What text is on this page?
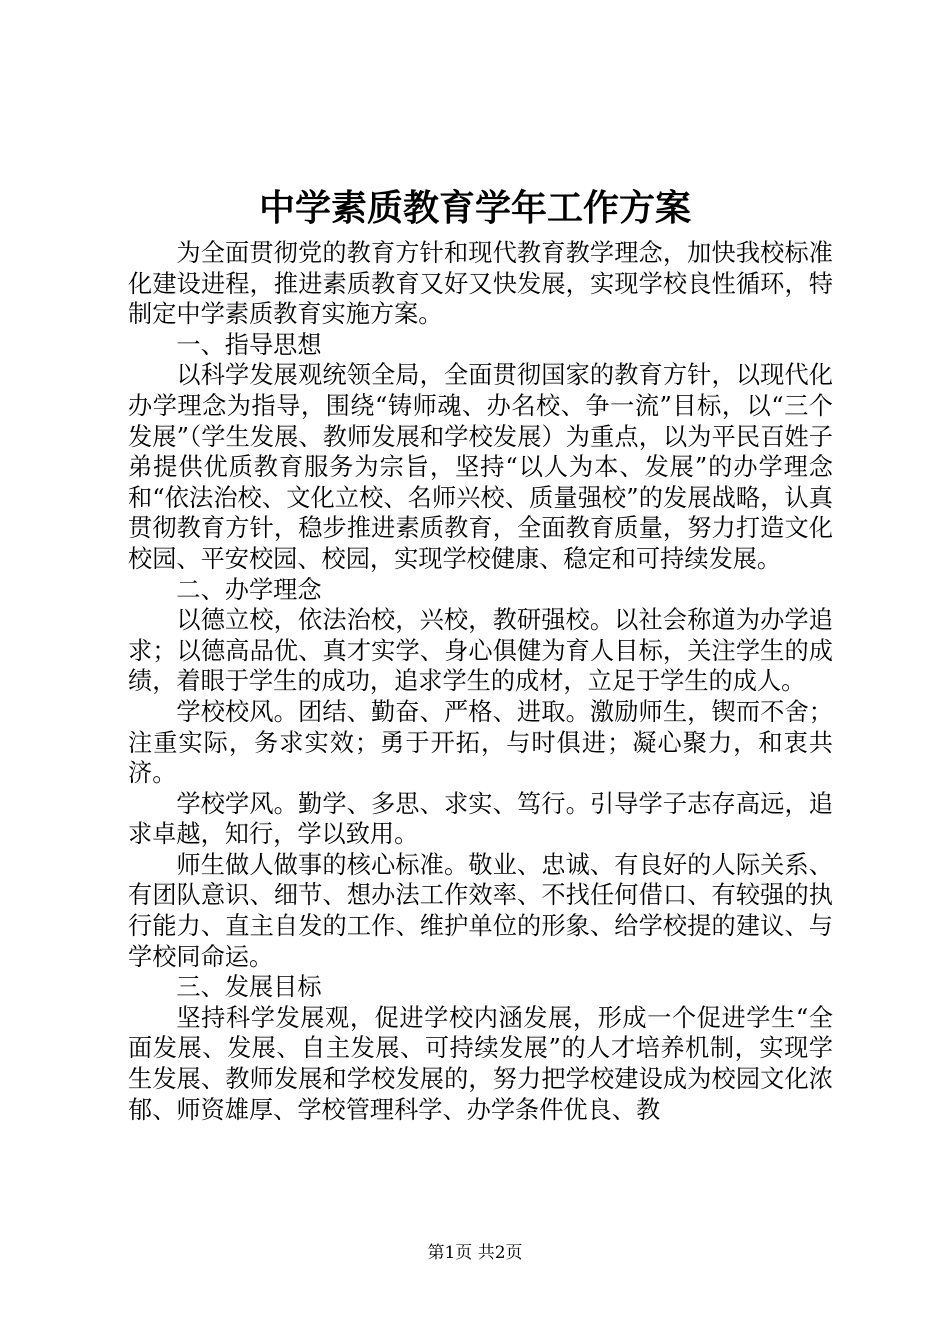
中学素质教育学年工作方案

为全面贯彻党的教育方针和现代教育教学理念，加快我校标准化建设进程，推进素质教育又好又快发展，实现学校良性循环，特制定中学素质教育实施方案。

一、指导思想

以科学发展观统领全局，全面贯彻国家的教育方针，以现代化办学理念为指导，围绕“铸师魂、办名校、争一流”目标，以“三个发展”（学生发展、教师发展和学校发展）为重点，以为平民百姓子弟提供优质教育服务为宗旨，坚持“以人为本、发展”的办学理念和“依法治校、文化立校、名师兴校、质量强校”的发展战略，认真贯彻教育方针，稳步推进素质教育，全面教育质量，努力打造文化校园、平安校园、校园，实现学校健康、稳定和可持续发展。

二、办学理念

以德立校，依法治校，兴校，教研强校。以社会称道为办学追求；以德高品优、真才实学、身心俱健为育人目标，关注学生的成绩，着眼于学生的成功，追求学生的成材，立足于学生的成人。

学校校风。团结、勤奋、严格、进取。激励师生，锲而不舍；注重实际，务求实效；勇于开拓，与时俱进；凝心聚力，和衷共济。

学校学风。勤学、多思、求实、笃行。引导学子志存高远，追求卓越，知行，学以致用。

师生做人做事的核心标准。敬业、忠诚、有良好的人际关系、有团队意识、细节、想办法工作效率、不找任何借口、有较强的执行能力、直主自发的工作、维护单位的形象、给学校提的建议、与学校同命运。

三、发展目标

坚持科学发展观，促进学校内涵发展，形成一个促进学生“全面发展、发展、自主发展、可持续发展”的人才培养机制，实现学生发展、教师发展和学校发展的，努力把学校建设成为校园文化浓郁、师资雄厚、学校管理科学、办学条件优良、教

第1页 共2页
